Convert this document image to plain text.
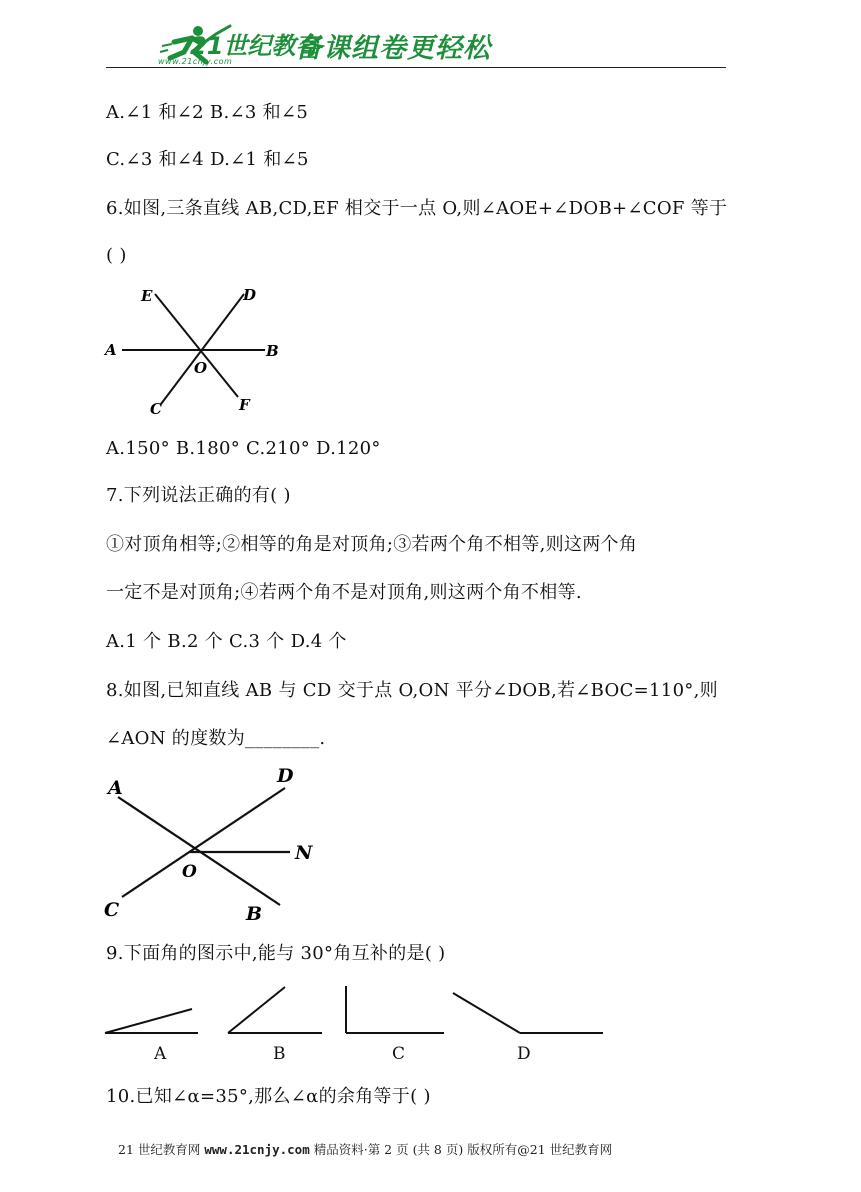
21世纪教育
www.21cnjy.com 备课组卷更轻松
A.∠1 和∠2 B.∠3 和∠5
C.∠3 和∠4 D.∠1 和∠5
6.如图,三条直线 AB,CD,EF 相交于一点 O,则∠AOE+∠DOB+∠COF 等于
( )
E	D
A
O
B
C	F
A.150° B.180° C.210° D.120°
7.下列说法正确的有( )
①对顶角相等;②相等的角是对顶角;③若两个角不相等,则这两个角
一定不是对顶角;④若两个角不是对顶角,则这两个角不相等.
A.1 个 B.2 个 C.3 个 D.4 个
8.如图,已知直线 AB 与 CD 交于点 O,ON 平分∠DOB,若∠BOC=110°,则
∠AON 的度数为________.
A
D
N
O
C	B
9.下面角的图示中,能与 30°角互补的是( )
A	B	C	D
10.已知∠α=35°,那么∠α的余角等于( )
21 世纪教育网 www.21cnjy.com 精品资料·第 2 页 (共 8 页) 版权所有@21 世纪教育网
